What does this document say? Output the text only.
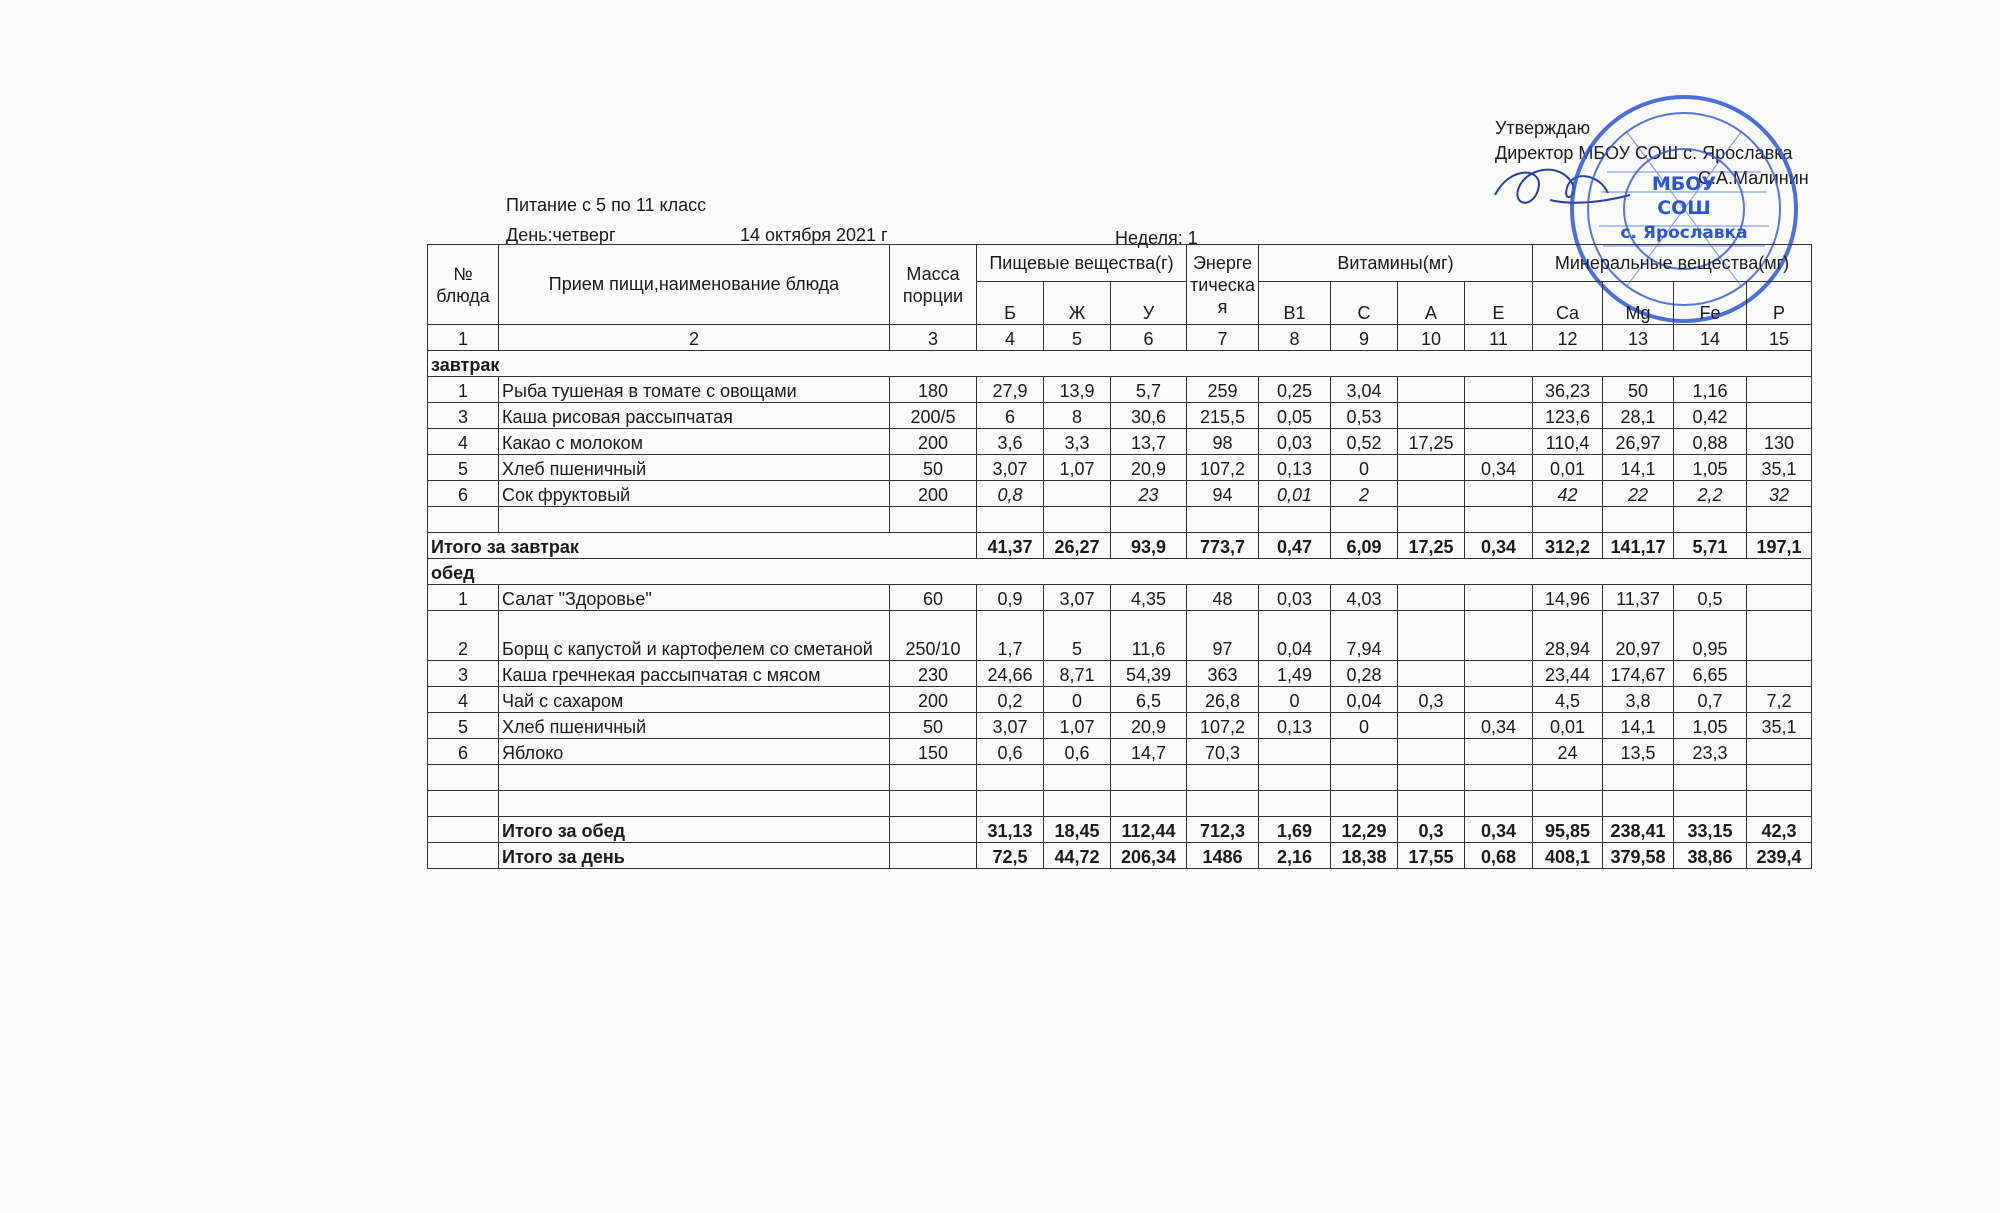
Утверждаю
Директор МБОУ СОШ с. Ярославка
С.А.Малинин
МБОУ
СОШ
с. Ярославка
Питание с 5 по 11 класс
День:четверг	14 октября 2021 г	Неделя: 1
№ блюда	Прием пищи,наименование блюда	Масса порции	Пищевые вещества(г)			Энергетическая	Витамины(мг)				Минеральные вещества(мг)			
			Б	Ж	У		B1	C	A	E	Ca	Mg	Fe	P
1	2	3	4	5	6	7	8	9	10	11	12	13	14	15
завтрак														
1	Рыба тушеная в томате с овощами	180	27,9	13,9	5,7	259	0,25	3,04			36,23	50	1,16	
3	Каша рисовая рассыпчатая	200/5	6	8	30,6	215,5	0,05	0,53			123,6	28,1	0,42	
4	Какао с молоком	200	3,6	3,3	13,7	98	0,03	0,52	17,25		110,4	26,97	0,88	130
5	Хлеб пшеничный	50	3,07	1,07	20,9	107,2	0,13	0		0,34	0,01	14,1	1,05	35,1
6	Сок фруктовый	200	0,8		23	94	0,01	2			42	22	2,2	32

Итого за завтрак			41,37	26,27	93,9	773,7	0,47	6,09	17,25	0,34	312,2	141,17	5,71	197,1
обед														
1	Салат "Здоровье"	60	0,9	3,07	4,35	48	0,03	4,03			14,96	11,37	0,5	
2	Борщ с капустой и картофелем со сметаной	250/10	1,7	5	11,6	97	0,04	7,94			28,94	20,97	0,95	
3	Каша гречнекая рассыпчатая с мясом	230	24,66	8,71	54,39	363	1,49	0,28			23,44	174,67	6,65	
4	Чай с сахаром	200	0,2	0	6,5	26,8	0	0,04	0,3		4,5	3,8	0,7	7,2
5	Хлеб пшеничный	50	3,07	1,07	20,9	107,2	0,13	0		0,34	0,01	14,1	1,05	35,1
6	Яблоко	150	0,6	0,6	14,7	70,3					24	13,5	23,3	

	Итого за обед		31,13	18,45	112,44	712,3	1,69	12,29	0,3	0,34	95,85	238,41	33,15	42,3
	Итого за день		72,5	44,72	206,34	1486	2,16	18,38	17,55	0,68	408,1	379,58	38,86	239,4
